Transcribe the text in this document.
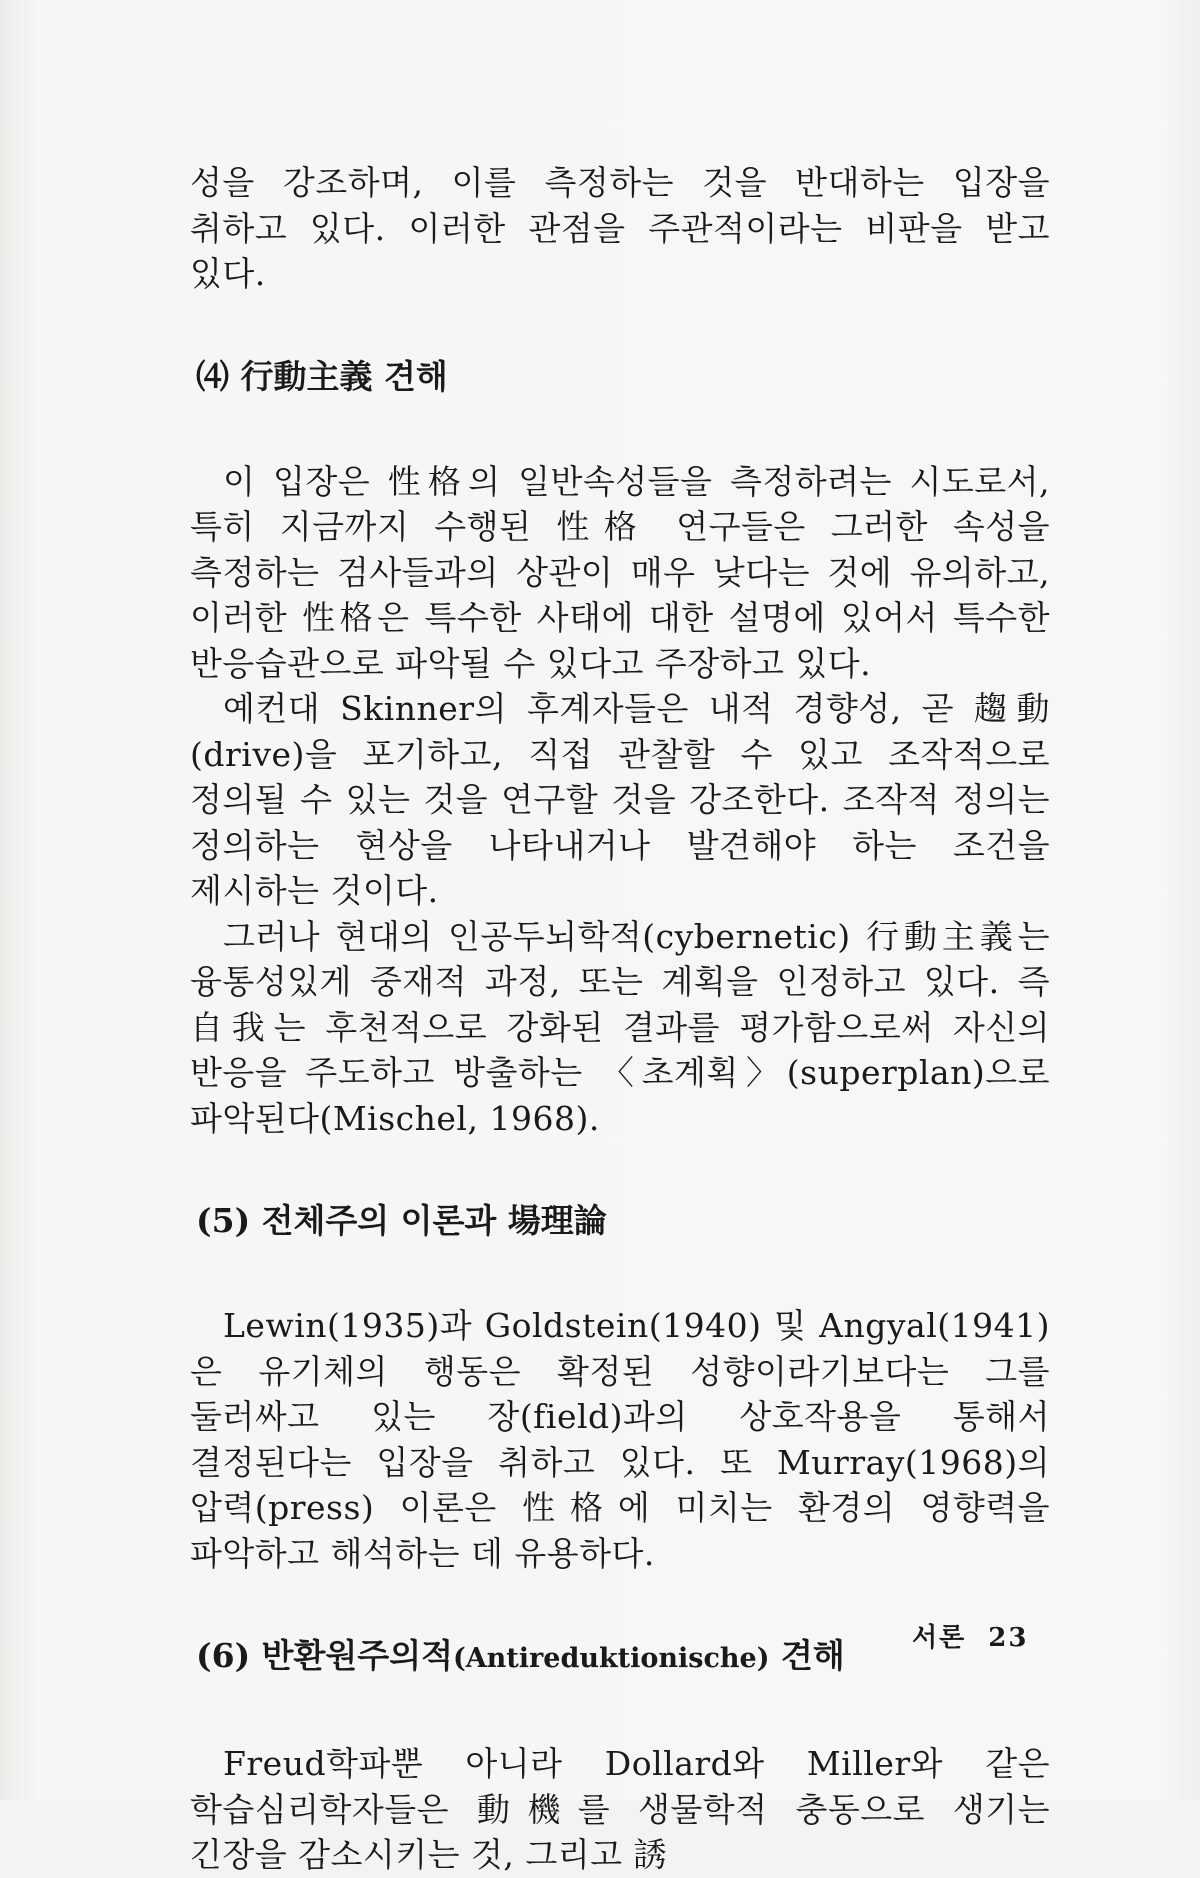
성을 강조하며, 이를 측정하는 것을 반대하는 입장을 취하고 있다. 이러한 관점을 주관적이라는 비판을 받고 있다.

⑷ 行動主義 견해

이 입장은 性格의 일반속성들을 측정하려는 시도로서, 특히 지금까지 수행된 性格 연구들은 그러한 속성을 측정하는 검사들과의 상관이 매우 낮다는 것에 유의하고, 이러한 性格은 특수한 사태에 대한 설명에 있어서 특수한 반응습관으로 파악될 수 있다고 주장하고 있다.

예컨대 Skinner의 후계자들은 내적 경향성, 곧 趨動(drive)을 포기하고, 직접 관찰할 수 있고 조작적으로 정의될 수 있는 것을 연구할 것을 강조한다. 조작적 정의는 정의하는 현상을 나타내거나 발견해야 하는 조건을 제시하는 것이다.

그러나 현대의 인공두뇌학적(cybernetic) 行動主義는 융통성있게 중재적 과정, 또는 계획을 인정하고 있다. 즉 自我는 후천적으로 강화된 결과를 평가함으로써 자신의 반응을 주도하고 방출하는 〈초계획〉(superplan)으로 파악된다(Mischel, 1968).

(5) 전체주의 이론과 場理論

Lewin(1935)과 Goldstein(1940) 및 Angyal(1941)은 유기체의 행동은 확정된 성향이라기보다는 그를 둘러싸고 있는 장(field)과의 상호작용을 통해서 결정된다는 입장을 취하고 있다. 또 Murray(1968)의 압력(press) 이론은 性格에 미치는 환경의 영향력을 파악하고 해석하는 데 유용하다.

(6) 반환원주의적(Antireduktionische) 견해

Freud학파뿐 아니라 Dollard와 Miller와 같은 학습심리학자들은 動機를 생물학적 충동으로 생기는 긴장을 감소시키는 것, 그리고 誘

서론 23
